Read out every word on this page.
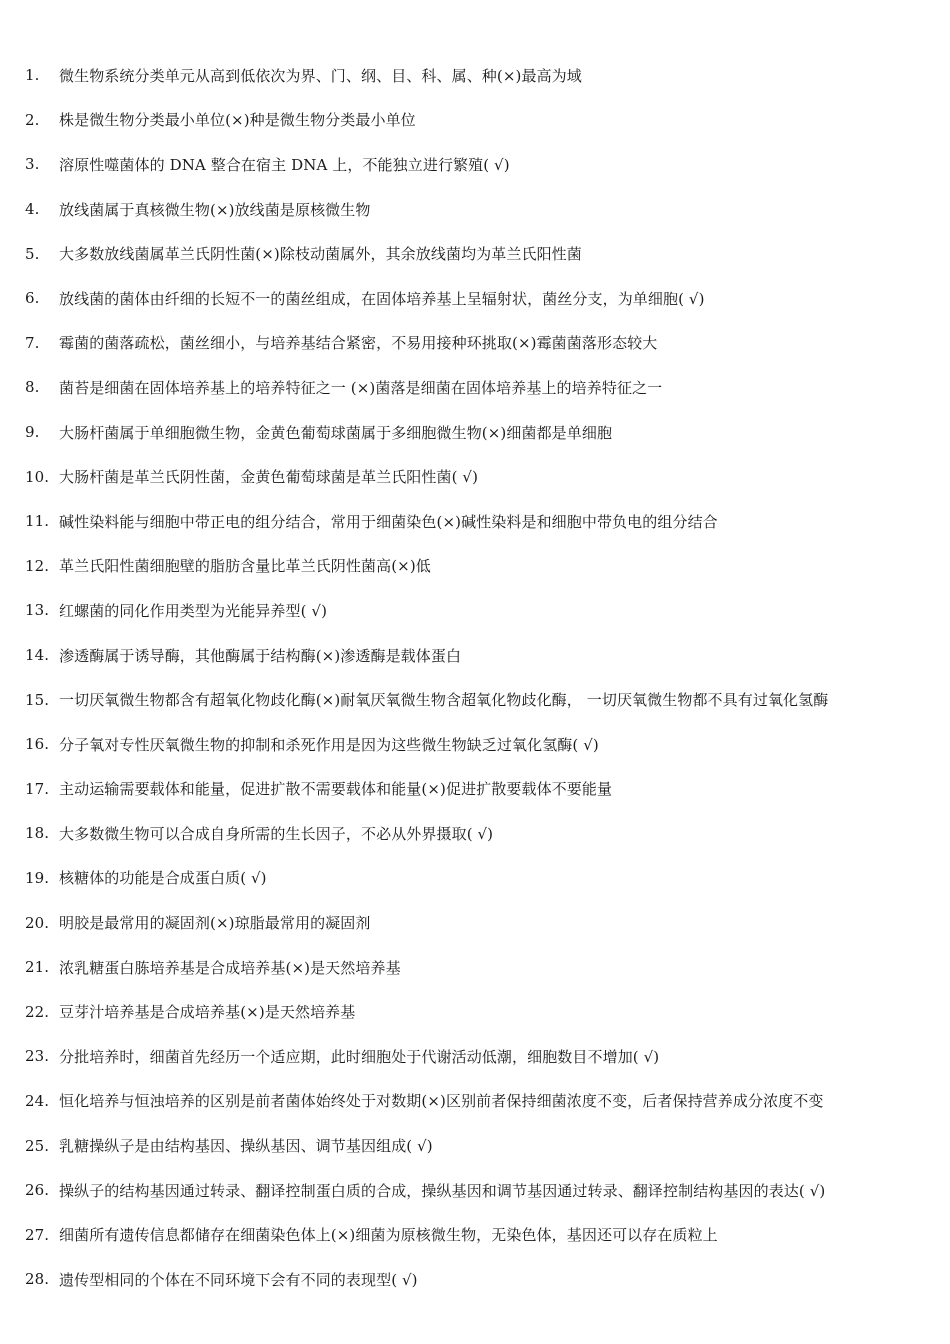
1.	微生物系统分类单元从高到低依次为界、门、纲、目、科、属、种(×)最高为域
2.	株是微生物分类最小单位(×)种是微生物分类最小单位
3.	溶原性噬菌体的 DNA 整合在宿主 DNA 上，不能独立进行繁殖( √)
4.	放线菌属于真核微生物(×)放线菌是原核微生物
5.	大多数放线菌属革兰氏阴性菌(×)除枝动菌属外，其余放线菌均为革兰氏阳性菌
6.	放线菌的菌体由纤细的长短不一的菌丝组成，在固体培养基上呈辐射状，菌丝分支，为单细胞( √)
7.	霉菌的菌落疏松，菌丝细小，与培养基结合紧密，不易用接种环挑取(×)霉菌菌落形态较大
8.	菌苔是细菌在固体培养基上的培养特征之一 (×)菌落是细菌在固体培养基上的培养特征之一
9.	大肠杆菌属于单细胞微生物，金黄色葡萄球菌属于多细胞微生物(×)细菌都是单细胞
10. 大肠杆菌是革兰氏阴性菌，金黄色葡萄球菌是革兰氏阳性菌( √)
11. 碱性染料能与细胞中带正电的组分结合，常用于细菌染色(×)碱性染料是和细胞中带负电的组分结合
12. 革兰氏阳性菌细胞壁的脂肪含量比革兰氏阴性菌高(×)低
13. 红螺菌的同化作用类型为光能异养型( √)
14. 渗透酶属于诱导酶，其他酶属于结构酶(×)渗透酶是载体蛋白
15. 一切厌氧微生物都含有超氧化物歧化酶(×)耐氧厌氧微生物含超氧化物歧化酶， 一切厌氧微生物都不具有过氧化氢酶
16. 分子氧对专性厌氧微生物的抑制和杀死作用是因为这些微生物缺乏过氧化氢酶( √)
17. 主动运输需要载体和能量，促进扩散不需要载体和能量(×)促进扩散要载体不要能量
18. 大多数微生物可以合成自身所需的生长因子，不必从外界摄取( √)
19. 核糖体的功能是合成蛋白质( √)
20. 明胶是最常用的凝固剂(×)琼脂最常用的凝固剂
21. 浓乳糖蛋白胨培养基是合成培养基(×)是天然培养基
22. 豆芽汁培养基是合成培养基(×)是天然培养基
23. 分批培养时，细菌首先经历一个适应期，此时细胞处于代谢活动低潮，细胞数目不增加( √)
24. 恒化培养与恒浊培养的区别是前者菌体始终处于对数期(×)区别前者保持细菌浓度不变，后者保持营养成分浓度不变
25. 乳糖操纵子是由结构基因、操纵基因、调节基因组成( √)
26. 操纵子的结构基因通过转录、翻译控制蛋白质的合成，操纵基因和调节基因通过转录、翻译控制结构基因的表达( √)
27. 细菌所有遗传信息都储存在细菌染色体上(×)细菌为原核微生物，无染色体，基因还可以存在质粒上
28. 遗传型相同的个体在不同环境下会有不同的表现型( √)
